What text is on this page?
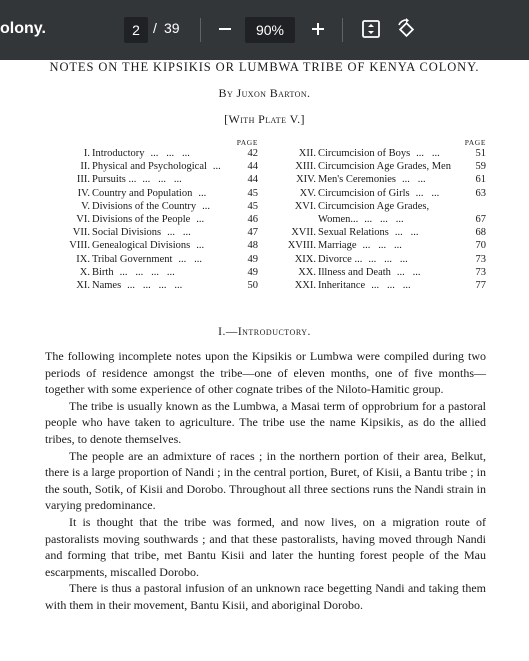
olony.	2 / 39	90%
NOTES ON THE KIPSIKIS OR LUMBWA TRIBE OF KENYA COLONY.
By Juxon Barton.
[With Plate V.]
PAGE
I. Introductory ...   ...   ...	42
II. Physical and Psychological ...	44
III. Pursuits ... ...   ...   ...	44
IV. Country and Population ...	45
V. Divisions of the Country ...	45
VI. Divisions of the People ...	46
VII. Social Divisions ...   ...	47
VIII. Genealogical Divisions ...	48
IX. Tribal Government ...   ...	49
X. Birth ...   ...   ...   ...	49
XI. Names ...   ...   ...   ...	50
PAGE
XII. Circumcision of Boys ...   ...	51
XIII. Circumcision Age Grades, Men	59
XIV. Men's Ceremonies ...   ...	61
XV. Circumcision of Girls ...   ...	63
XVI. Circumcision Age Grades,
Women... ...   ...   ...	67
XVII. Sexual Relations ...   ...	68
XVIII. Marriage ...   ...   ...	70
XIX. Divorce ... ...   ...   ...	73
XX. Illness and Death ...   ...	73
XXI. Inheritance ...   ...   ...	77
I.—Introductory.

The following incomplete notes upon the Kipsikis or Lumbwa were compiled during two periods of residence amongst the tribe—one of eleven months, one of five months—together with some experience of other cognate tribes of the Niloto-Hamitic group.

The tribe is usually known as the Lumbwa, a Masai term of opprobrium for a pastoral people who have taken to agriculture. The tribe use the name Kipsikis, as do the allied tribes, to denote themselves.

The people are an admixture of races ; in the northern portion of their area, Belkut, there is a large proportion of Nandi ; in the central portion, Buret, of Kisii, a Bantu tribe ; in the south, Sotik, of Kisii and Dorobo. Throughout all three sections runs the Nandi strain in varying predominance.

It is thought that the tribe was formed, and now lives, on a migration route of pastoralists moving southwards ; and that these pastoralists, having moved through Nandi and forming that tribe, met Bantu Kisii and later the hunting forest people of the Mau escarpments, miscalled Dorobo.

There is thus a pastoral infusion of an unknown race begetting Nandi and taking them with them in their movement, Bantu Kisii, and aboriginal Dorobo.
